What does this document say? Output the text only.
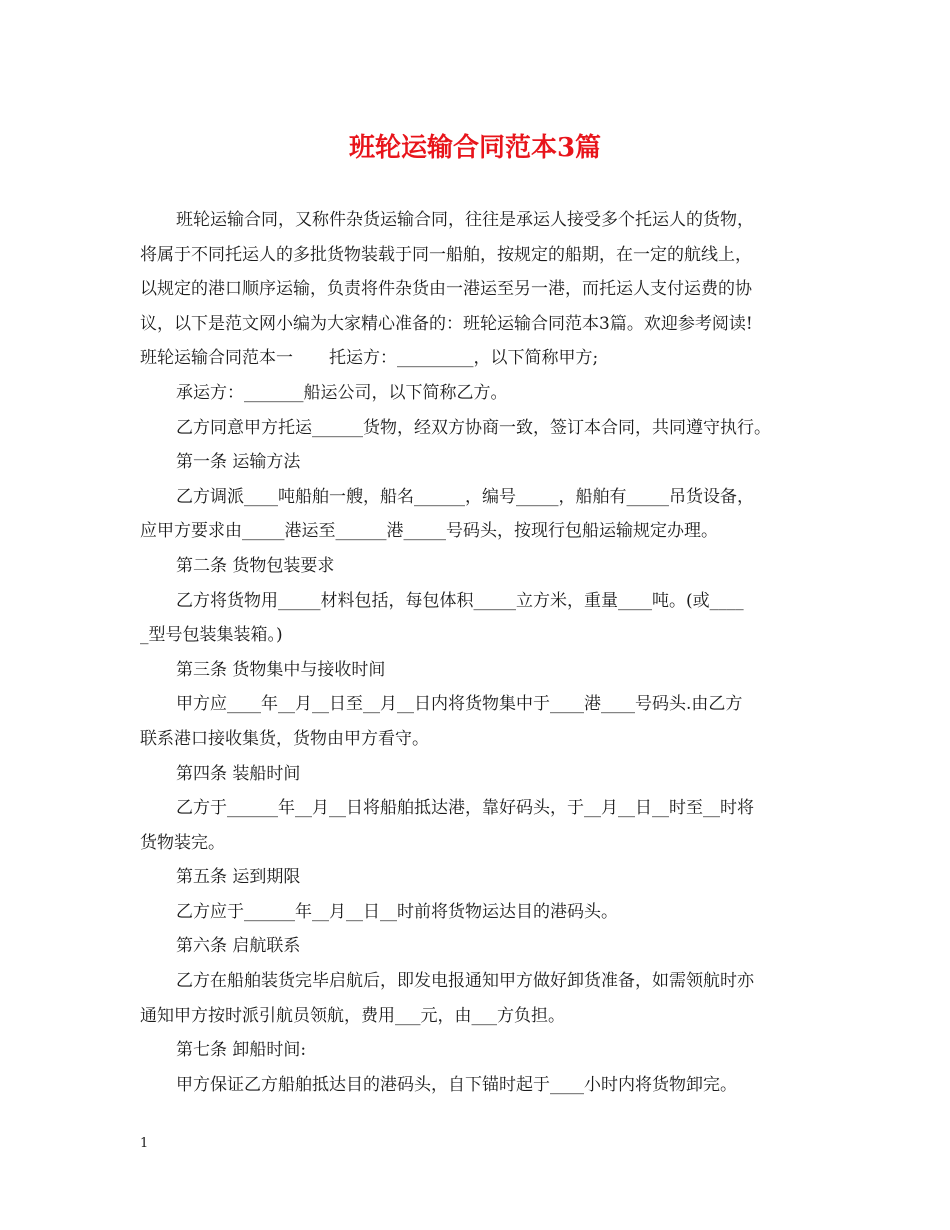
班轮运输合同范本3篇
班轮运输合同，又称件杂货运输合同，往往是承运人接受多个托运人的货物，
将属于不同托运人的多批货物装载于同一船舶，按规定的船期，在一定的航线上，
以规定的港口顺序运输，负责将件杂货由一港运至另一港，而托运人支付运费的协
议，以下是范文网小编为大家精心准备的：班轮运输合同范本3篇。欢迎参考阅读!
班轮运输合同范本一 托运方：_________，以下简称甲方;
承运方：_______船运公司，以下简称乙方。
乙方同意甲方托运______货物，经双方协商一致，签订本合同，共同遵守执行。
第一条 运输方法
乙方调派____吨船舶一艘，船名______，编号_____，船舶有_____吊货设备，
应甲方要求由_____港运至______港_____号码头，按现行包船运输规定办理。
第二条 货物包装要求
乙方将货物用_____材料包括，每包体积_____立方米，重量____吨。(或____
_型号包装集装箱。)
第三条 货物集中与接收时间
甲方应____年__月__日至__月__日内将货物集中于____港____号码头.由乙方
联系港口接收集货，货物由甲方看守。
第四条 装船时间
乙方于______年__月__日将船舶抵达港，靠好码头，于__月__日__时至__时将
货物装完。
第五条 运到期限
乙方应于______年__月__日__时前将货物运达目的港码头。
第六条 启航联系
乙方在船舶装货完毕启航后，即发电报通知甲方做好卸货准备，如需领航时亦
通知甲方按时派引航员领航，费用___元，由___方负担。
第七条 卸船时间:
甲方保证乙方船舶抵达目的港码头，自下锚时起于____小时内将货物卸完。
1
